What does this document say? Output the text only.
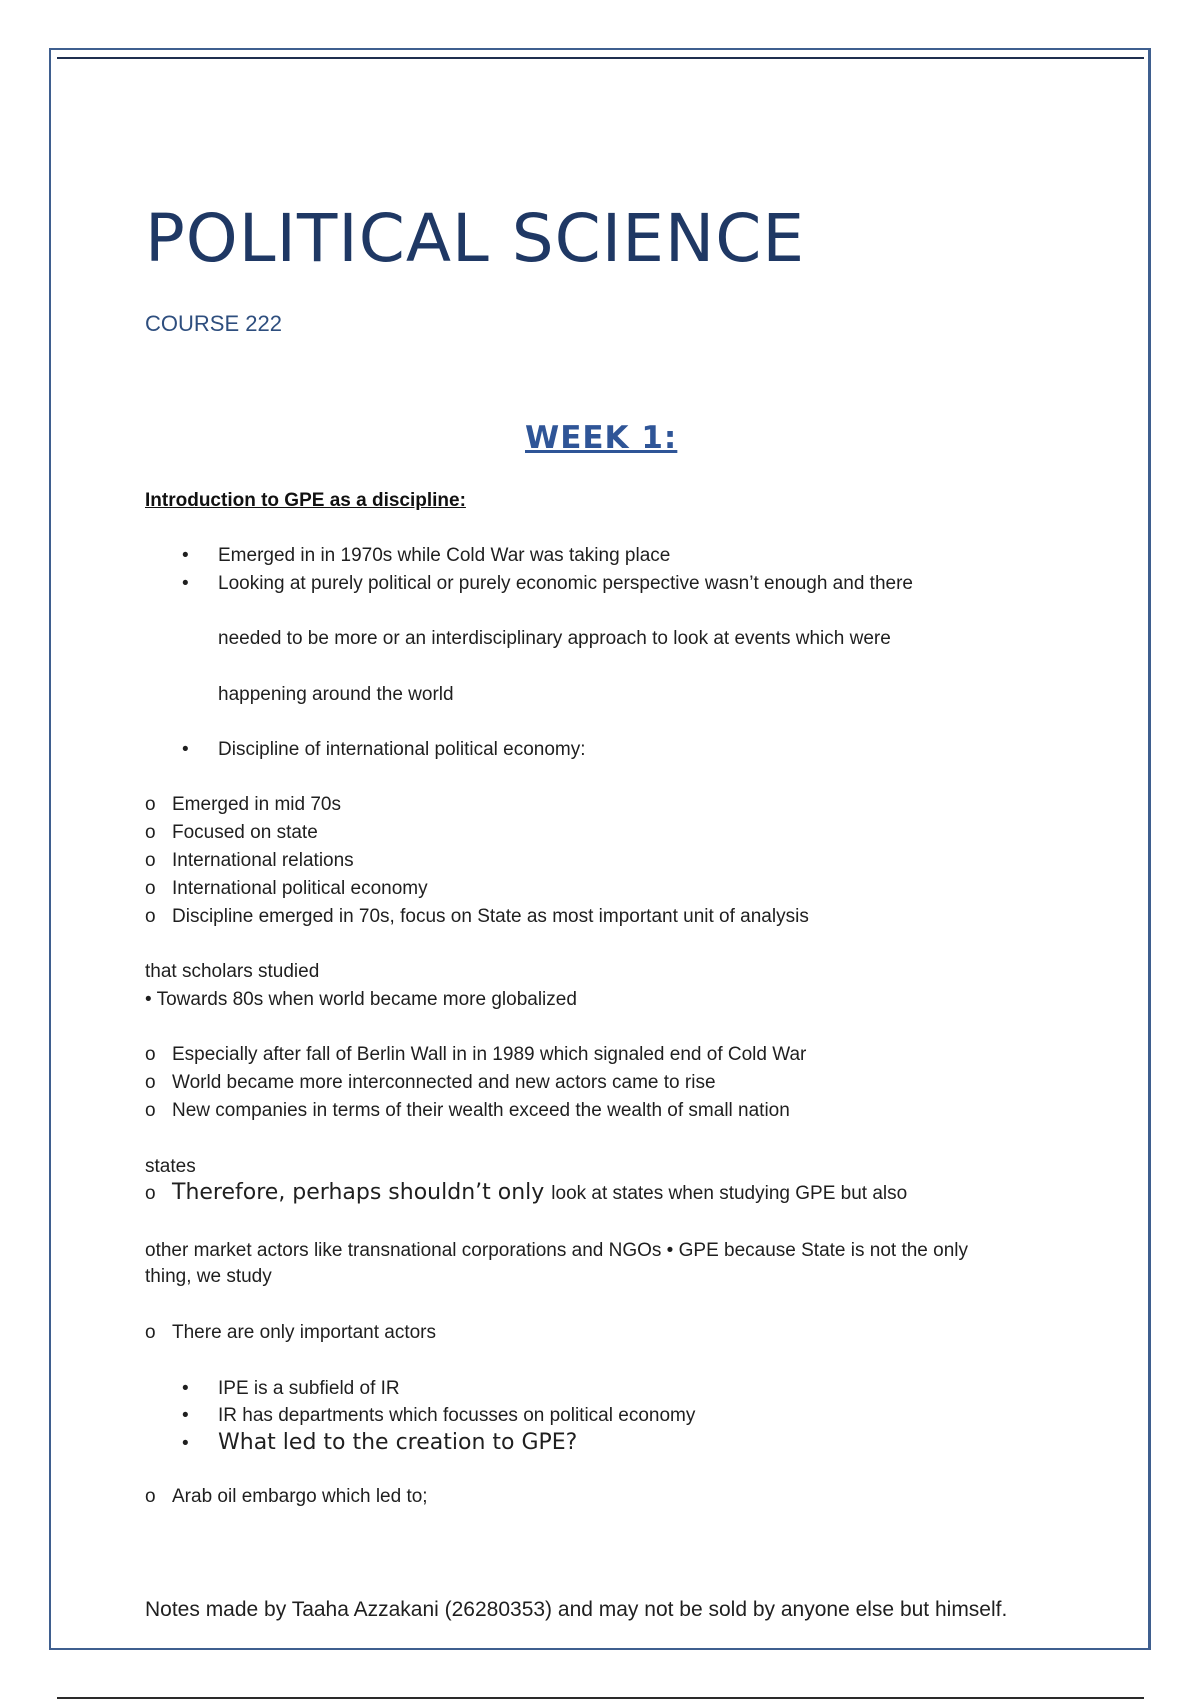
POLITICAL SCIENCE
COURSE 222
WEEK 1:
Introduction to GPE as a discipline:
• Emerged in in 1970s while Cold War was taking place
• Looking at purely political or purely economic perspective wasn’t enough and there
needed to be more or an interdisciplinary approach to look at events which were
happening around the world
• Discipline of international political economy:
o Emerged in mid 70s
o Focused on state
o International relations
o International political economy
o Discipline emerged in 70s, focus on State as most important unit of analysis
that scholars studied
• Towards 80s when world became more globalized
o Especially after fall of Berlin Wall in in 1989 which signaled end of Cold War
o World became more interconnected and new actors came to rise
o New companies in terms of their wealth exceed the wealth of small nation
states
o Therefore, perhaps shouldn’t only look at states when studying GPE but also
other market actors like transnational corporations and NGOs • GPE because State is not the only
thing, we study
o There are only important actors
• IPE is a subfield of IR
• IR has departments which focusses on political economy
• What led to the creation to GPE?
o Arab oil embargo which led to;
Notes made by Taaha Azzakani (26280353) and may not be sold by anyone else but himself.
